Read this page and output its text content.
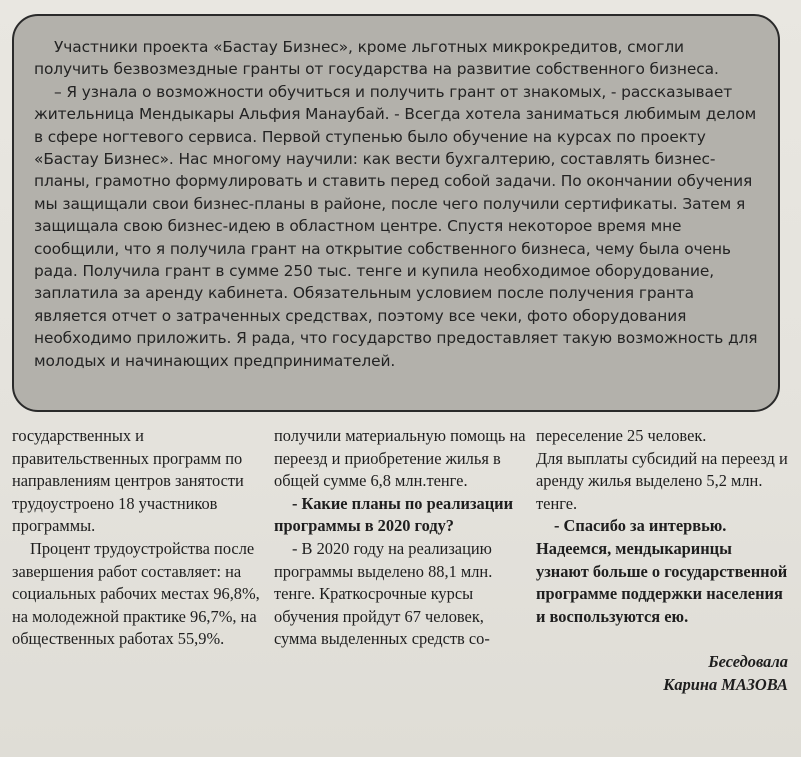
Участники проекта «Бастау Бизнес», кроме льготных микрокредитов, смогли получить безвозмездные гранты от государства на развитие собственного бизнеса.

– Я узнала о возможности обучиться и получить грант от знакомых, - рассказывает жительница Мендыкары Альфия Манаубай. - Всегда хотела заниматься любимым делом в сфере ногтевого сервиса. Первой ступенью было обучение на курсах по проекту «Бастау Бизнес». Нас многому научили: как вести бухгалтерию, составлять бизнес-планы, грамотно формулировать и ставить перед собой задачи. По окончании обучения мы защищали свои бизнес-планы в районе, после чего получили сертификаты. Затем я защищала свою бизнес-идею в областном центре. Спустя некоторое время мне сообщили, что я получила грант на открытие собственного бизнеса, чему была очень рада. Получила грант в сумме 250 тыс. тенге и купила необходимое оборудование, заплатила за аренду кабинета. Обязательным условием после получения гранта является отчет о затраченных средствах, поэтому все чеки, фото оборудования необходимо приложить. Я рада, что государство предоставляет такую возможность для молодых и начинающих предпринимателей.

государственных и правительственных программ по направлениям центров занятости трудоустроено 18 участников программы.

Процент трудоустройства после завершения работ составляет: на социальных рабочих местах 96,8%, на молодежной практике 96,7%, на общественных работах 55,9%.

получили материальную помощь на переезд и приобретение жилья в общей сумме 6,8 млн.тенге.

- Какие планы по реализации программы в 2020 году?

- В 2020 году на реализацию программы выделено 88,1 млн. тенге. Краткосрочные курсы обучения пройдут 67 человек, сумма выделенных средств со-

переселение 25 человек.

Для выплаты субсидий на переезд и аренду жилья выделено 5,2 млн. тенге.

- Спасибо за интервью. Надеемся, мендыкаринцы узнают больше о государственной программе поддержки населения и воспользуются ею.

Беседовала

Карина МАЗОВА
